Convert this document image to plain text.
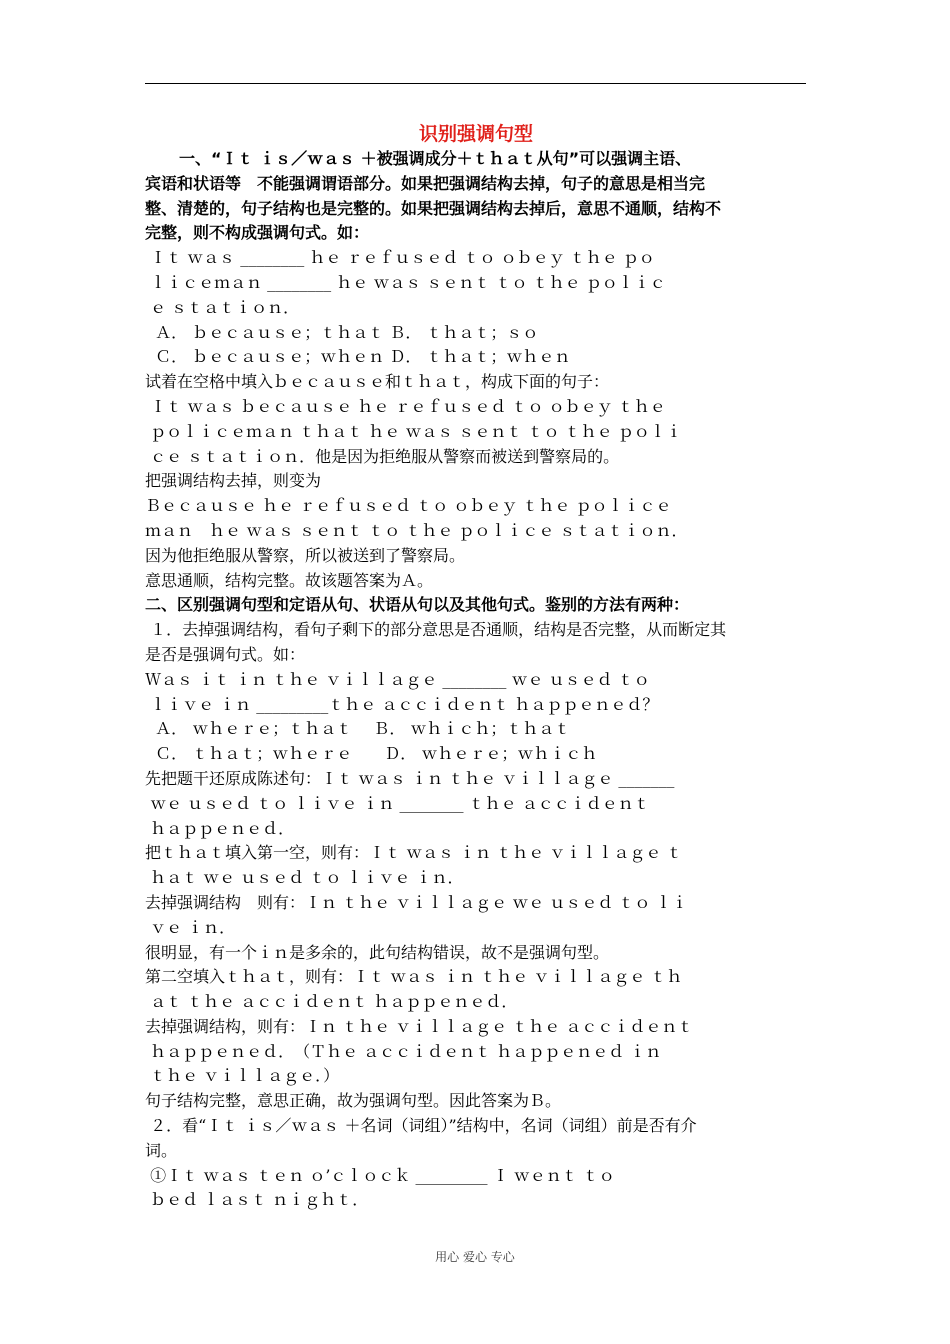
识别强调句型
一、“Ｉｔ ｉｓ／ｗａｓ ＋被强调成分＋ｔｈａｔ从句”可以强调主语、
宾语和状语等　不能强调谓语部分。如果把强调结构去掉，句子的意思是相当完
整、清楚的，句子结构也是完整的。如果把强调结构去掉后，意思不通顺，结构不
完整，则不构成强调句式。如：
Ｉｔ ｗａｓ ________ ｈｅ ｒｅｆｕｓｅｄ ｔｏ ｏｂｅｙ ｔｈｅ ｐｏ
ｌｉｃｅｍａｎ ________ ｈｅ ｗａｓ ｓｅｎｔ ｔｏ ｔｈｅ ｐｏｌｉｃ
ｅ ｓｔａｔｉｏｎ．
Ａ． ｂｅｃａｕｓｅ；ｔｈａｔ Ｂ． ｔｈａｔ；ｓｏ
Ｃ． ｂｅｃａｕｓｅ；ｗｈｅｎ Ｄ． ｔｈａｔ；ｗｈｅｎ
试着在空格中填入ｂｅｃａｕｓｅ和ｔｈａｔ，构成下面的句子：
Ｉｔ ｗａｓ ｂｅｃａｕｓｅ ｈｅ ｒｅｆｕｓｅｄ ｔｏ ｏｂｅｙ ｔｈｅ
ｐｏｌｉｃｅｍａｎ ｔｈａｔ ｈｅ ｗａｓ ｓｅｎｔ ｔｏ ｔｈｅ ｐｏｌｉ
ｃｅ ｓｔａｔｉｏｎ．他是因为拒绝服从警察而被送到警察局的。
把强调结构去掉，则变为
Ｂｅｃａｕｓｅ ｈｅ ｒｅｆｕｓｅｄ ｔｏ ｏｂｅｙ ｔｈｅ ｐｏｌｉｃｅ
ｍａｎ　ｈｅ ｗａｓ ｓｅｎｔ ｔｏ ｔｈｅ ｐｏｌｉｃｅ ｓｔａｔｉｏｎ．
因为他拒绝服从警察，所以被送到了警察局。
意思通顺，结构完整。故该题答案为Ａ。
二、区别强调句型和定语从句、状语从句以及其他句式。鉴别的方法有两种：
１．去掉强调结构，看句子剩下的部分意思是否通顺，结构是否完整，从而断定其
是否是强调句式。如：
Ｗａｓ ｉｔ ｉｎ ｔｈｅ ｖｉｌｌａｇｅ ________ ｗｅ ｕｓｅｄ ｔｏ
ｌｉｖｅ ｉｎ _________ｔｈｅ ａｃｃｉｄｅｎｔ ｈａｐｐｅｎｅｄ？
Ａ． ｗｈｅｒｅ；ｔｈａｔ　 Ｂ． ｗｈｉｃｈ；ｔｈａｔ
Ｃ． ｔｈａｔ；ｗｈｅｒｅ　　Ｄ． ｗｈｅｒｅ；ｗｈｉｃｈ
先把题干还原成陈述句：Ｉｔ ｗａｓ ｉｎ ｔｈｅ ｖｉｌｌａｇｅ _______
ｗｅ ｕｓｅｄ ｔｏ ｌｉｖｅ ｉｎ ________ ｔｈｅ ａｃｃｉｄｅｎｔ
ｈａｐｐｅｎｅｄ．
把ｔｈａｔ填入第一空，则有：Ｉｔ ｗａｓ ｉｎ ｔｈｅ ｖｉｌｌａｇｅ ｔ
ｈａｔ ｗｅ ｕｓｅｄ ｔｏ ｌｉｖｅ ｉｎ．
去掉强调结构　则有：Ｉｎ ｔｈｅ ｖｉｌｌａｇｅ ｗｅ ｕｓｅｄ ｔｏ ｌｉ
ｖｅ ｉｎ．
很明显，有一个ｉｎ是多余的，此句结构错误，故不是强调句型。
第二空填入ｔｈａｔ，则有：Ｉｔ ｗａｓ ｉｎ ｔｈｅ ｖｉｌｌａｇｅ ｔｈ
ａｔ ｔｈｅ ａｃｃｉｄｅｎｔ ｈａｐｐｅｎｅｄ．
去掉强调结构，则有：Ｉｎ ｔｈｅ ｖｉｌｌａｇｅ ｔｈｅ ａｃｃｉｄｅｎｔ
ｈａｐｐｅｎｅｄ．　（Ｔｈｅ ａｃｃｉｄｅｎｔ ｈａｐｐｅｎｅｄ ｉｎ
ｔｈｅ ｖｉｌｌａｇｅ．）
句子结构完整，意思正确，故为强调句型。因此答案为Ｂ。
２．看“Ｉｔ ｉｓ／ｗａｓ ＋名词（词组）”结构中，名词（词组）前是否有介
词。
①Ｉｔ ｗａｓ ｔｅｎ ｏ’ｃｌｏｃｋ _________ Ｉ ｗｅｎｔ ｔｏ
ｂｅｄ ｌａｓｔ ｎｉｇｈｔ．
用心 爱心 专心
